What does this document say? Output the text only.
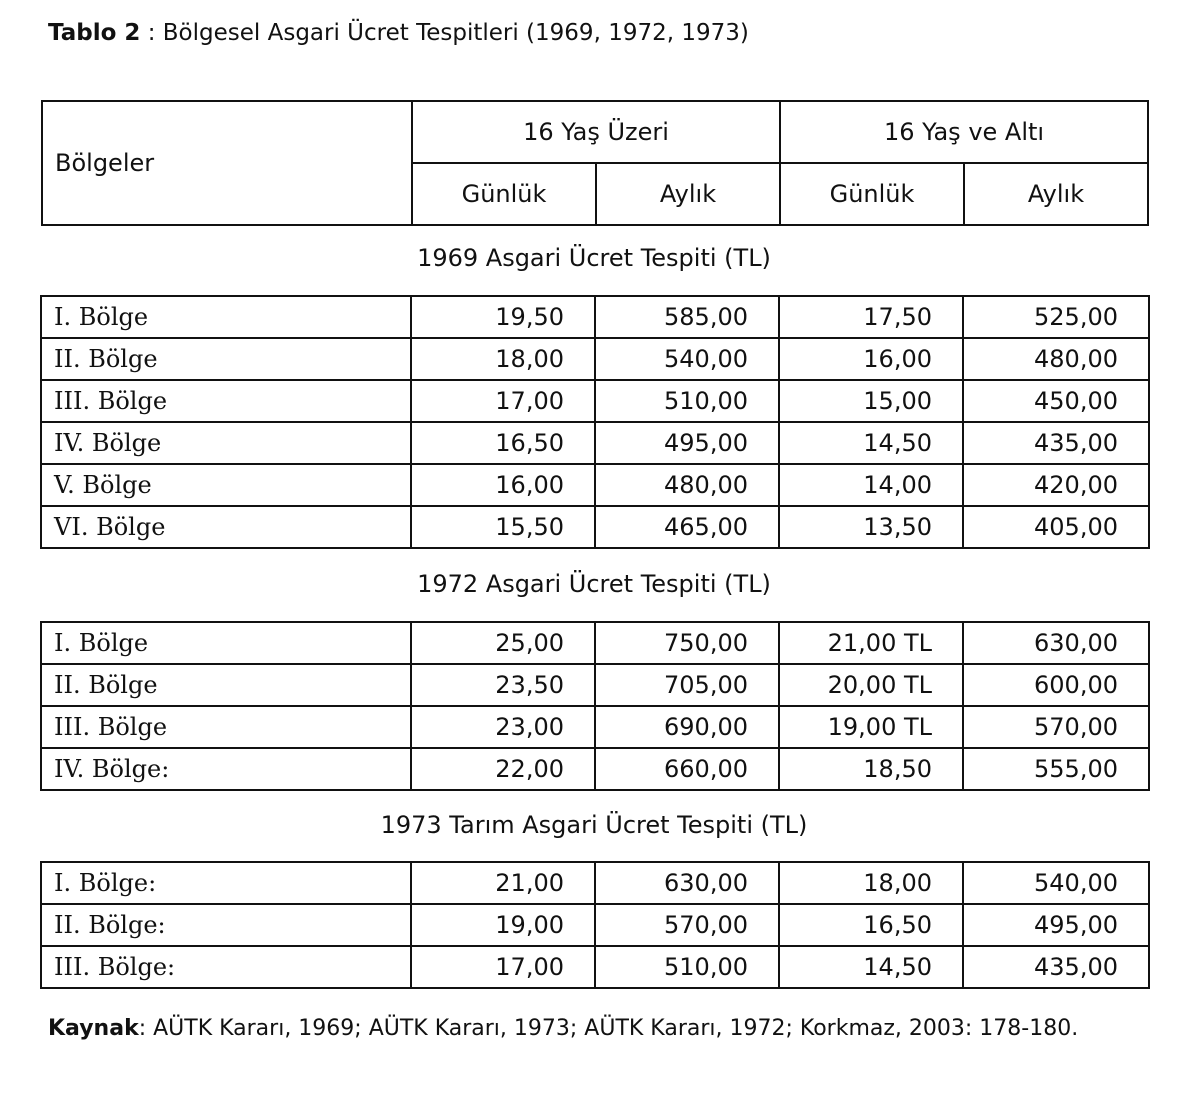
Tablo 2 : Bölgesel Asgari Ücret Tespitleri (1969, 1972, 1973)
Bölgeler	16 Yaş Üzeri		16 Yaş ve Altı	
	Günlük	Aylık	Günlük	Aylık
1969 Asgari Ücret Tespiti (TL)
I. Bölge	19,50	585,00	17,50	525,00
II. Bölge	18,00	540,00	16,00	480,00
III. Bölge	17,00	510,00	15,00	450,00
IV. Bölge	16,50	495,00	14,50	435,00
V. Bölge	16,00	480,00	14,00	420,00
VI. Bölge	15,50	465,00	13,50	405,00
1972 Asgari Ücret Tespiti (TL)
I. Bölge	25,00	750,00	21,00 TL	630,00
II. Bölge	23,50	705,00	20,00 TL	600,00
III. Bölge	23,00	690,00	19,00 TL	570,00
IV. Bölge:	22,00	660,00	18,50	555,00
1973 Tarım Asgari Ücret Tespiti (TL)
I. Bölge:	21,00	630,00	18,00	540,00
II. Bölge:	19,00	570,00	16,50	495,00
III. Bölge:	17,00	510,00	14,50	435,00
Kaynak: AÜTK Kararı, 1969; AÜTK Kararı, 1973; AÜTK Kararı, 1972; Korkmaz, 2003: 178-180.
